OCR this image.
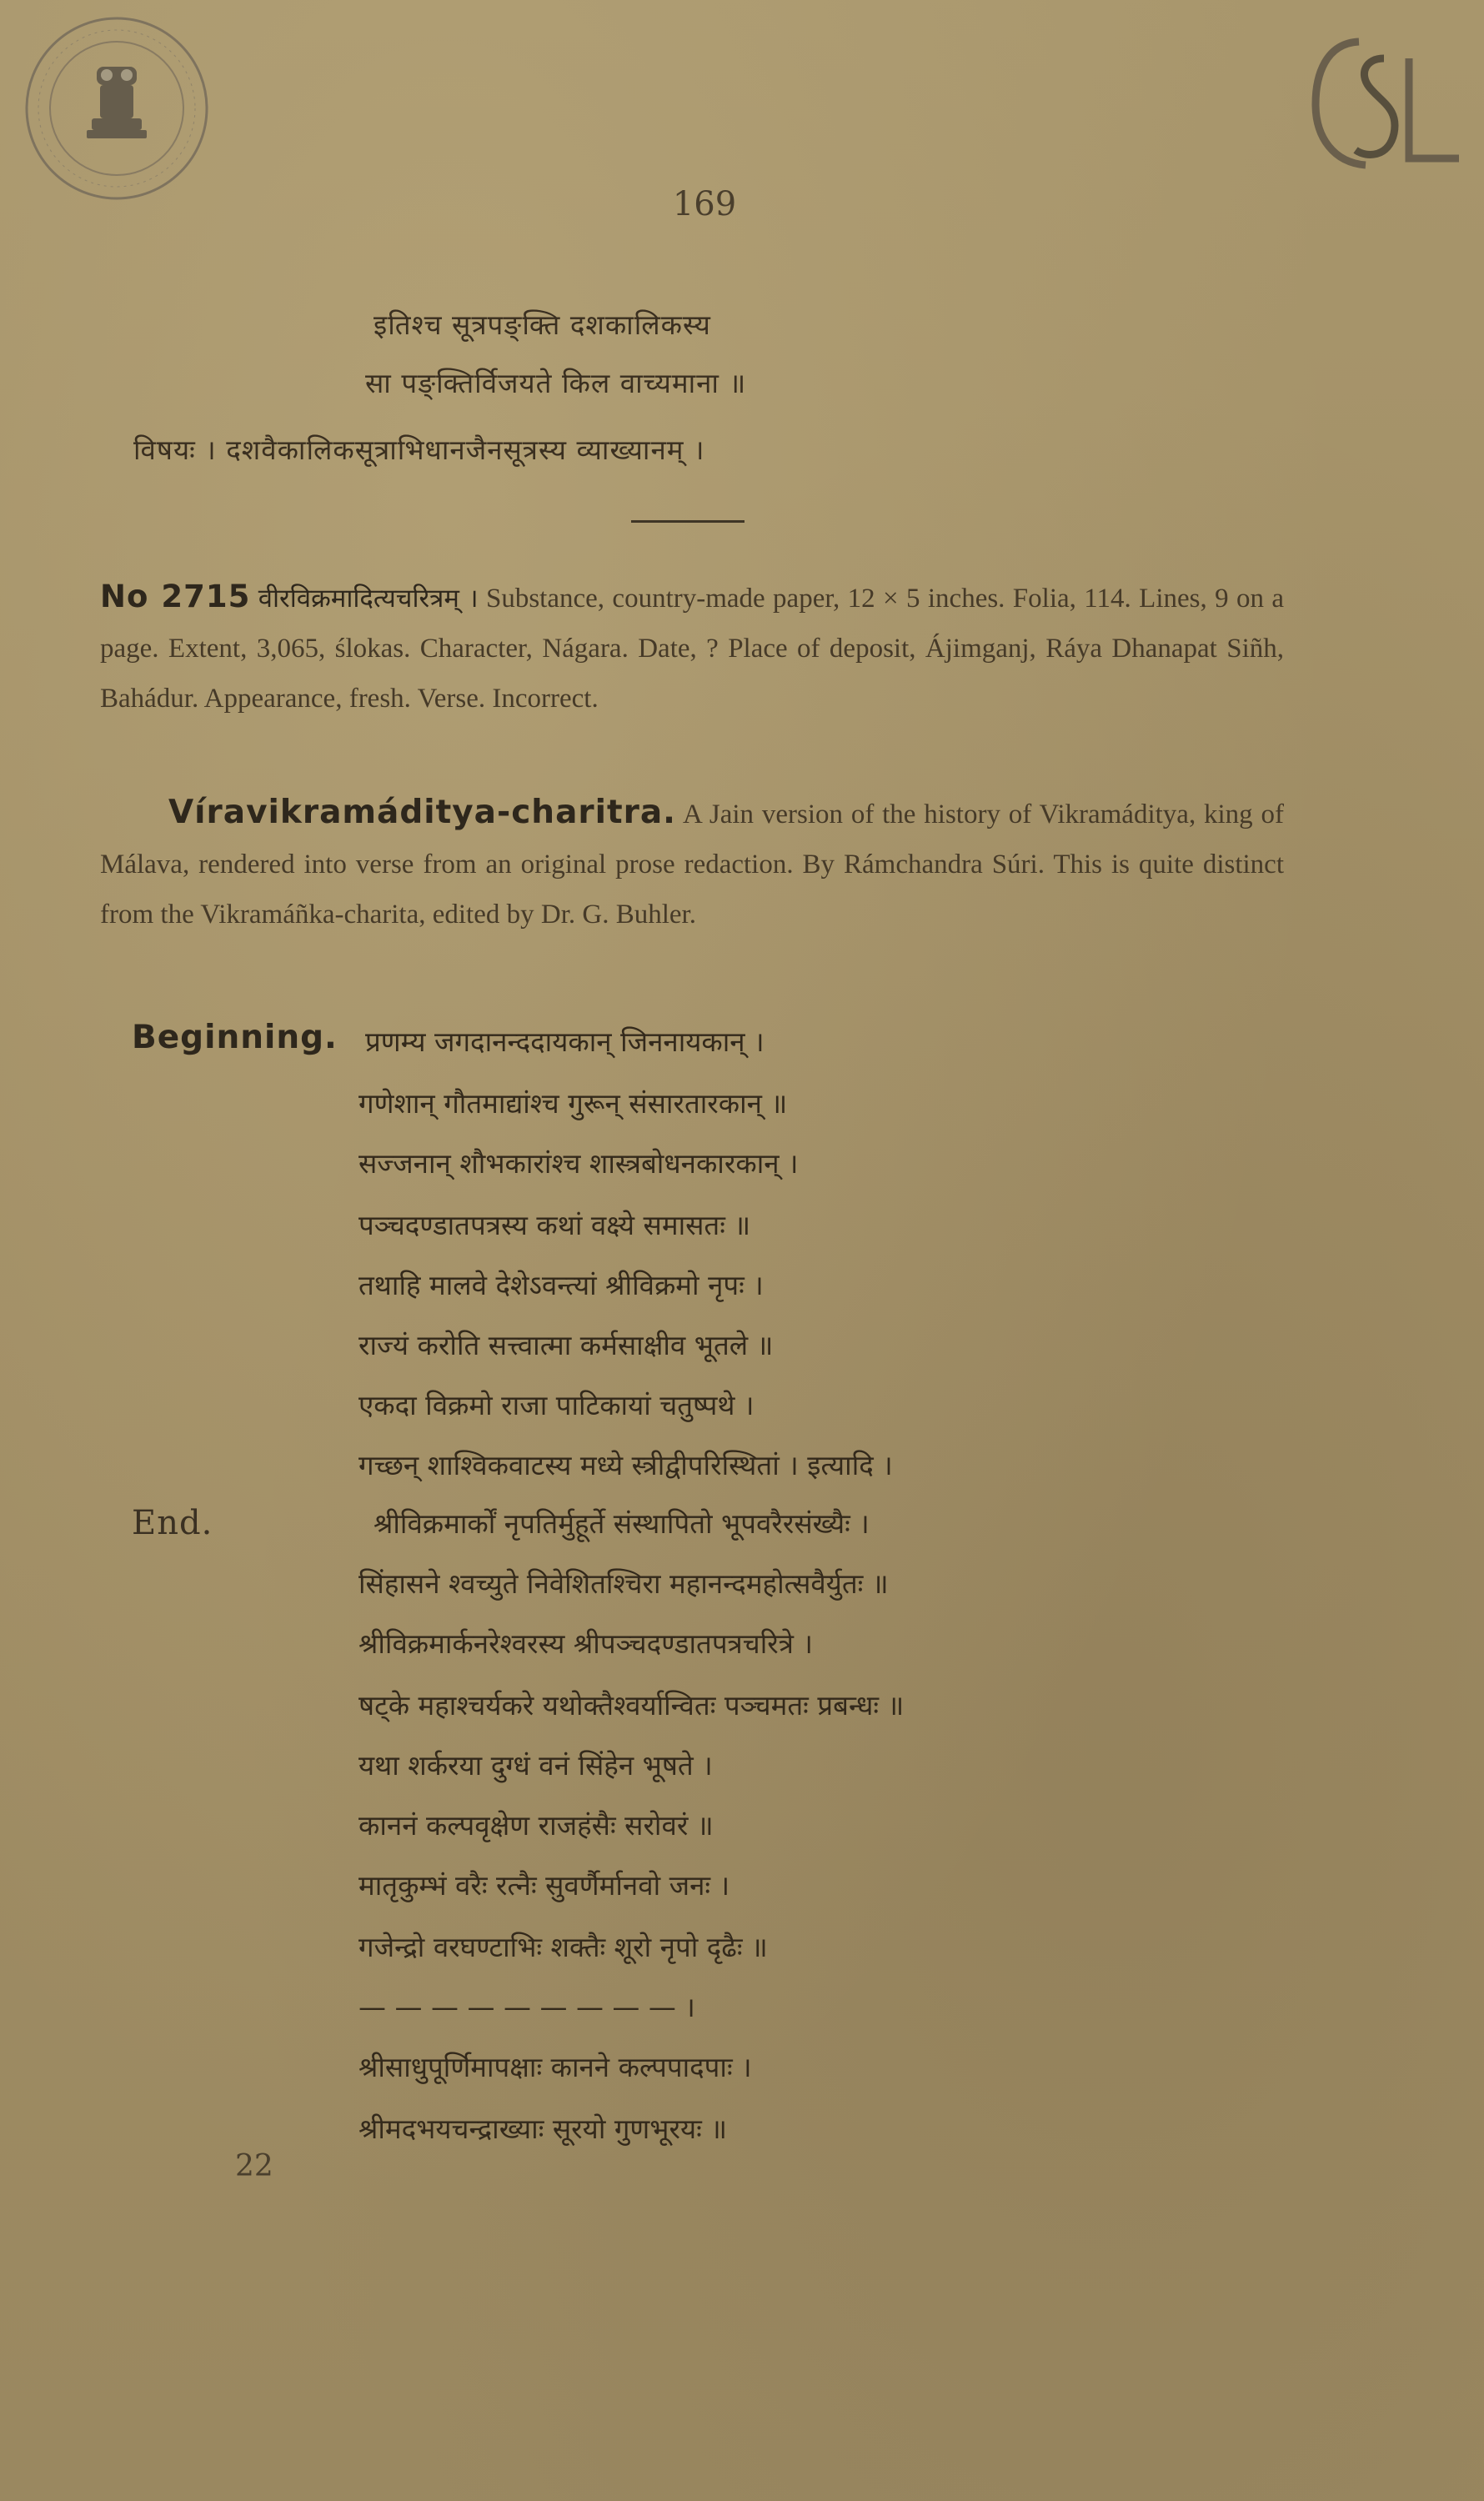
169
इतिश्च सूत्रपङ्क्ति दशकालिकस्य
सा पङ्क्तिर्विजयते किल वाच्यमाना ॥
विषयः । दशवैकालिकसूत्राभिधानजैनसूत्रस्य व्याख्यानम् ।
No 2715 वीरविक्रमादित्यचरित्रम् । Substance, country-made paper, 12 × 5 inches. Folia, 114. Lines, 9 on a page. Extent, 3,065, ślokas. Character, Nágara. Date, ? Place of deposit, Ájimganj, Ráya Dhanapat Siñh, Bahádur. Appearance, fresh. Verse. Incorrect.
Víravikramáditya-charitra. A Jain version of the history of Vikramáditya, king of Málava, rendered into verse from an original prose redaction. By Rámchandra Súri. This is quite distinct from the Vikramáñka-charita, edited by Dr. G. Buhler.
Beginning. प्रणम्य जगदानन्ददायकान् जिननायकान् ।
गणेशान् गौतमाद्यांश्च गुरून् संसारतारकान् ॥
सज्जनान् शौभकारांश्च शास्त्रबोधनकारकान् ।
पञ्चदण्डातपत्रस्य कथां वक्ष्ये समासतः ॥
तथाहि मालवे देशेऽवन्त्यां श्रीविक्रमो नृपः ।
राज्यं करोति सत्त्वात्मा कर्मसाक्षीव भूतले ॥
एकदा विक्रमो राजा पाटिकायां चतुष्पथे ।
गच्छन् शाश्विकवाटस्य मध्ये स्त्रीद्वीपरिस्थितां । इत्यादि ।
End.	श्रीविक्रमार्कों नृपतिर्मुहूर्ते संस्थापितो भूपवरैरसंख्यैः ।
सिंहासने श्वच्युते निवेशितश्चिरा महानन्दमहोत्सवैर्युतः ॥
श्रीविक्रमार्कनरेश्वरस्य श्रीपञ्चदण्डातपत्रचरित्रे ।
षट्के महाश्चर्यकरे यथोक्तैश्वर्यान्वितः पञ्चमतः प्रबन्धः ॥
यथा शर्करया दुग्धं वनं सिंहेन भूषते ।
काननं कल्पवृक्षेण राजहंसैः सरोवरं ॥
मातृकुम्भं वरैः रत्नैः सुवर्णैर्मानवो जनः ।
गजेन्द्रो वरघण्टाभिः शक्तैः शूरो नृपो दृढैः ॥
— — — — — — — — — ।
श्रीसाधुपूर्णिमापक्षाः कानने कल्पपादपाः ।
श्रीमदभयचन्द्राख्याः सूरयो गुणभूरयः ॥
22
